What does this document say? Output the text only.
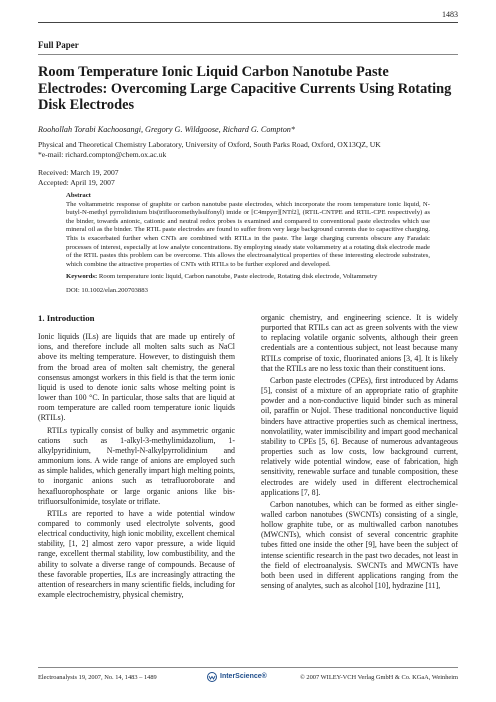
1483
Full Paper
Room Temperature Ionic Liquid Carbon Nanotube Paste Electrodes: Overcoming Large Capacitive Currents Using Rotating Disk Electrodes
Roohollah Torabi Kachoosangi, Gregory G. Wildgoose, Richard G. Compton*
Physical and Theoretical Chemistry Laboratory, University of Oxford, South Parks Road, Oxford, OX13QZ, UK
*e-mail: richard.compton@chem.ox.ac.uk
Received: March 19, 2007
Accepted: April 19, 2007
Abstract
The voltammetric response of graphite or carbon nanotube paste electrodes, which incorporate the room temperature ionic liquid, N-butyl-N-methyl pyrrolidinium bis(trifluoromethylsulfonyl) imide or [C4mpyrr][NTf2], (RTIL-CNTPE and RTIL-CPE respectively) as the binder, towards anionic, cationic and neutral redox probes is examined and compared to conventional paste electrodes which use mineral oil as the binder. The RTIL paste electrodes are found to suffer from very large background currents due to capacitive charging. This is exacerbated further when CNTs are combined with RTILs in the paste. The large charging currents obscure any Faradaic processes of interest, especially at low analyte concentrations. By employing steady state voltammetry at a rotating disk electrode made of the RTIL pastes this problem can be overcome. This allows the electroanalytical properties of these interesting electrode substrates, which combine the attractive properties of CNTs with RTILs to be further explored and developed.
Keywords: Room temperature ionic liquid, Carbon nanotube, Paste electrode, Rotating disk electrode, Voltammetry
DOI: 10.1002/elan.200703883
1. Introduction

Ionic liquids (ILs) are liquids that are made up entirely of ions, and therefore include all molten salts such as NaCl above its melting temperature. However, to distinguish them from the broad area of molten salt chemistry, the general consensus amongst workers in this field is that the term ionic liquid is used to denote ionic salts whose melting point is lower than 100 °C. In particular, those salts that are liquid at room temperature are called room temperature ionic liquids (RTILs).

RTILs typically consist of bulky and asymmetric organic cations such as 1-alkyl-3-methylimidazolium, 1-alkylpyridinium, N-methyl-N-alkylpyrrolidinium and ammonium ions. A wide range of anions are employed such as simple halides, which generally impart high melting points, to inorganic anions such as tetrafluoroborate and hexafluorophosphate or large organic anions like bis-trifluorsulfonimide, tosylate or triflate.

RTILs are reported to have a wide potential window compared to commonly used electrolyte solvents, good electrical conductivity, high ionic mobility, excellent chemical stability, [1, 2] almost zero vapor pressure, a wide liquid range, excellent thermal stability, low combustibility, and the ability to solvate a diverse range of compounds. Because of these favorable properties, ILs are increasingly attracting the attention of researchers in many scientific fields, including for example electrochemistry, physical chemistry,

organic chemistry, and engineering science. It is widely purported that RTILs can act as green solvents with the view to replacing volatile organic solvents, although their green credentials are a contentious subject, not least because many RTILs comprise of toxic, fluorinated anions [3, 4]. It is likely that the RTILs are no less toxic than their constituent ions.

Carbon paste electrodes (CPEs), first introduced by Adams [5], consist of a mixture of an appropriate ratio of graphite powder and a non-conductive liquid binder such as mineral oil, paraffin or Nujol. These traditional nonconductive liquid binders have attractive properties such as chemical inertness, nonvolatility, water immiscibility and impart good mechanical stability to CPEs [5, 6]. Because of numerous advantageous properties such as low costs, low background current, relatively wide potential window, ease of fabrication, high sensitivity, renewable surface and tunable composition, these electrodes are widely used in different electrochemical applications [7, 8].

Carbon nanotubes, which can be formed as either single-walled carbon nanotubes (SWCNTs) consisting of a single, hollow graphite tube, or as multiwalled carbon nanotubes (MWCNTs), which consist of several concentric graphite tubes fitted one inside the other [9], have been the subject of intense scientific research in the past two decades, not least in the field of electroanalysis. SWCNTs and MWCNTs have both been used in different applications ranging from the sensing of analytes, such as alcohol [10], hydrazine [11],

Electroanalysis 19, 2007, No. 14, 1483 – 1489	InterScience®	© 2007 WILEY-VCH Verlag GmbH & Co. KGaA, Weinheim
